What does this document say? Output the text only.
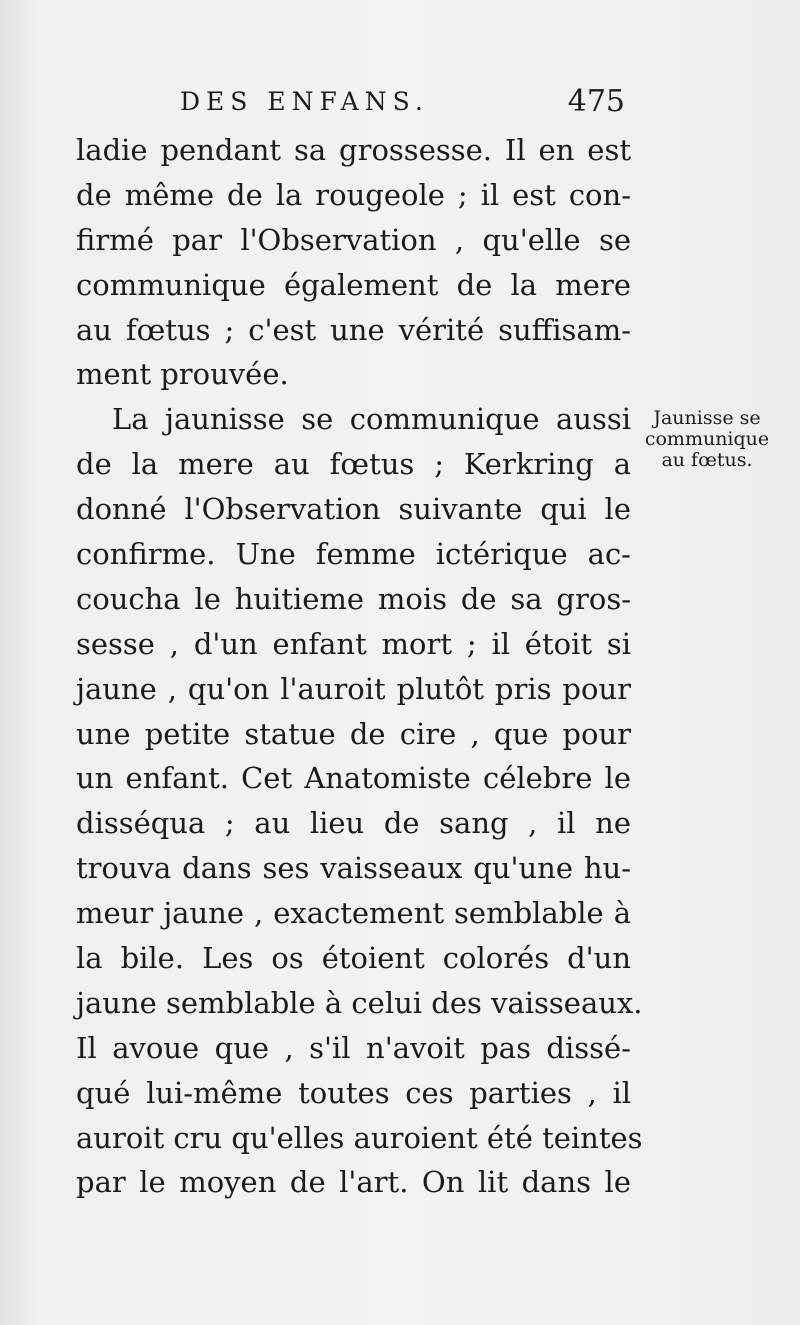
DES ENFANS.	475
ladie pendant sa grossesse. Il en est
de même de la rougeole ; il est con-
firmé par l'Observation , qu'elle se
communique également de la mere
au fœtus ; c'est une vérité suffisam-
ment prouvée.
La jaunisse se communique aussi
de la mere au fœtus ; Kerkring a
donné l'Observation suivante qui le
confirme. Une femme ictérique ac-
coucha le huitieme mois de sa gros-
sesse , d'un enfant mort ; il étoit si
jaune , qu'on l'auroit plutôt pris pour
une petite statue de cire , que pour
un enfant. Cet Anatomiste célebre le
disséqua ; au lieu de sang , il ne
trouva dans ses vaisseaux qu'une hu-
meur jaune , exactement semblable à
la bile. Les os étoient colorés d'un
jaune semblable à celui des vaisseaux.
Il avoue que , s'il n'avoit pas dissé-
qué lui-même toutes ces parties , il
auroit cru qu'elles auroient été teintes
par le moyen de l'art. On lit dans le
Jaunisse se
communique
au fœtus.
